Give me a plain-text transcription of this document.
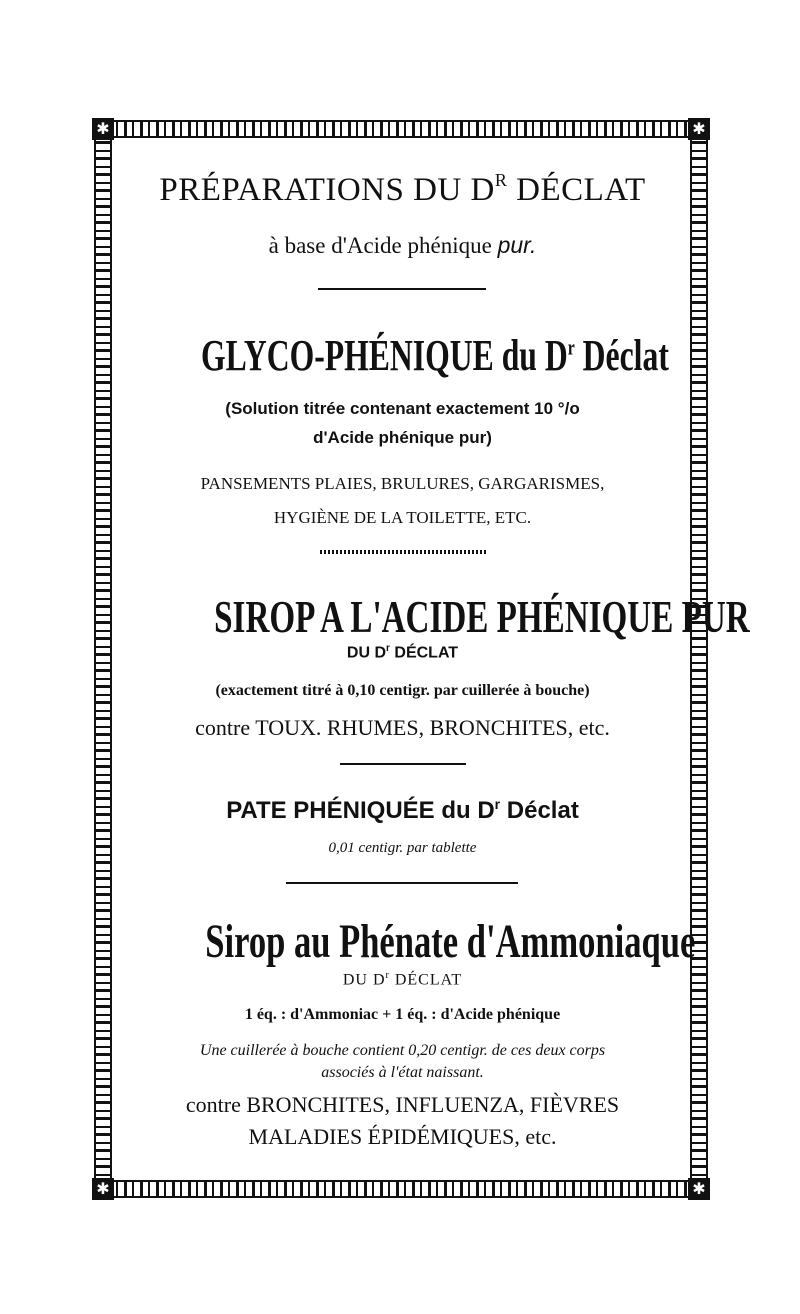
✱	✱
✱	✱
PRÉPARATIONS DU $D^R$ DÉCLAT
à base d'Acide phénique pur.
GLYCO-PHÉNIQUE du $D^r$ Déclat
(Solution titrée contenant exactement 10 °/o
d'Acide phénique pur)
PANSEMENTS PLAIES, BRULURES, GARGARISMES,
HYGIÈNE DE LA TOILETTE, ETC.
SIROP A L'ACIDE PHÉNIQUE PUR
DU $D^r$ DÉCLAT
(exactement titré à 0,10 centigr. par cuillerée à bouche)
contre TOUX. RHUMES, BRONCHITES, etc.
PATE PHÉNIQUÉE du $D^r$ Déclat
0,01 centigr. par tablette
Sirop au Phénate d'Ammoniaque
DU $D^r$ DÉCLAT
1 éq. : d'Ammoniac + 1 éq. : d'Acide phénique
Une cuillerée à bouche contient 0,20 centigr. de ces deux corps
associés à l'état naissant.
contre BRONCHITES, INFLUENZA, FIÈVRES
MALADIES ÉPIDÉMIQUES, etc.
